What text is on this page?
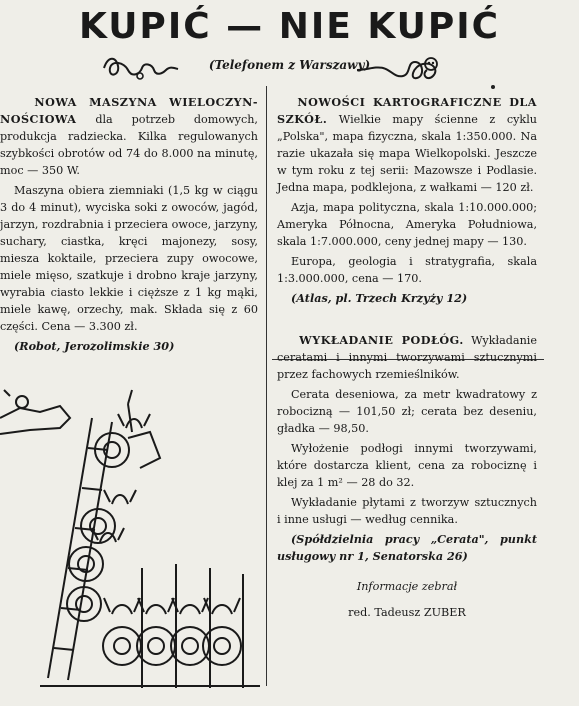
KUPIĆ — NIE KUPIĆ
(Telefonem z Warszawy)

NOWA MASZYNA WIELOCZYN-NOŚCIOWA dla potrzeb domowych, produkcja radziecka. Kilka regulowanych szybkości obrotów od 74 do 8.000 na minutę, moc — 350 W.

Maszyna obiera ziemniaki (1,5 kg w ciągu 3 do 4 minut), wyciska soki z owoców, jagód, jarzyn, rozdrabnia i przeciera owoce, jarzyny, suchary, ciastka, kręci majonezy, sosy, miesza koktaile, przeciera zupy owocowe, miele mięso, szatkuje i drobno kraje jarzyny, wyrabia ciasto lekkie i cięższe z 1 kg mąki, miele kawę, orzechy, mak. Składa się z 60 części. Cena — 3.300 zł.

(Robot, Jerozolimskie 30)

NOWOŚCI KARTOGRAFICZNE DLA SZKÓŁ. Wielkie mapy ścienne z cyklu „Polska", mapa fizyczna, skala 1:350.000. Na razie ukazała się mapa Wielkopolski. Jeszcze w tym roku z tej serii: Mazowsze i Podlasie. Jedna mapa, podklejona, z wałkami — 120 zł.

Azja, mapa polityczna, skala 1:10.000.000; Ameryka Północna, Ameryka Południowa, skala 1:7.000.000, ceny jednej mapy — 130.

Europa, geologia i stratygrafia, skala 1:3.000.000, cena — 170.

(Atlas, pl. Trzech Krzyży 12)

WYKŁADANIE PODŁÓG. Wykładanie ceratami i innymi tworzywami sztucznymi przez fachowych rzemieślników.

Cerata deseniowa, za metr kwadratowy z robocizną — 101,50 zł; cerata bez deseniu, gładka — 98,50.

Wyłożenie podłogi innymi tworzywami, które dostarcza klient, cena za robociznę i klej za 1 m² — 28 do 32.

Wykładanie płytami z tworzyw sztucznych i inne usługi — według cennika.

(Spółdzielnia pracy „Cerata", punkt usługowy nr 1, Senatorska 26)

Informacje zebrał

red. Tadeusz ZUBER
